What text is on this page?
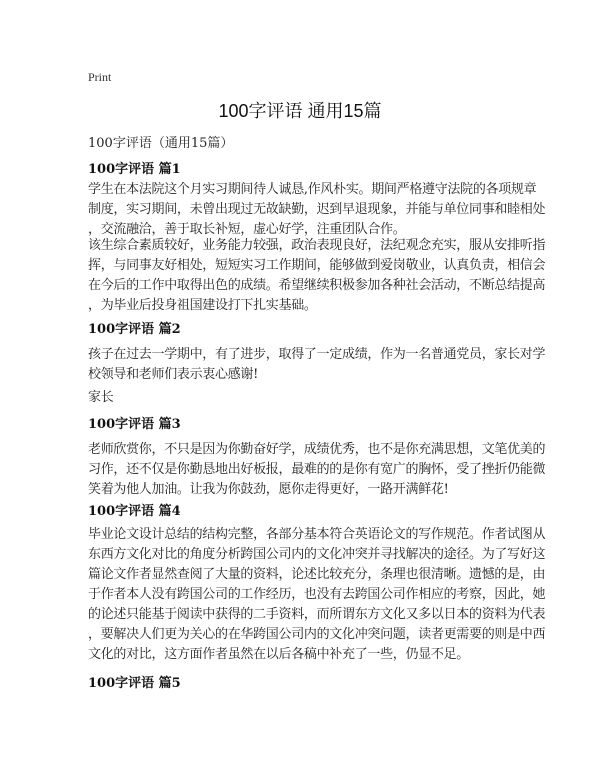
Print
100字评语 通用15篇
100字评语（通用15篇）
100字评语 篇1
学生在本法院这个月实习期间待人诚恳,作风朴实。期间严格遵守法院的各项规章
制度，实习期间，未曾出现过无故缺勤，迟到早退现象，并能与单位同事和睦相处
，交流融洽，善于取长补短，虚心好学，注重团队合作。
该生综合素质较好，业务能力较强，政治表现良好，法纪观念充实，服从安排听指
挥，与同事友好相处，短短实习工作期间，能够做到爱岗敬业，认真负责，相信会
在今后的工作中取得出色的成绩。希望继续积极参加各种社会活动，不断总结提高
，为毕业后投身祖国建设打下扎实基础。
100字评语 篇2
孩子在过去一学期中，有了进步，取得了一定成绩，作为一名普通党员，家长对学
校领导和老师们表示衷心感谢!
家长
100字评语 篇3
老师欣赏你，不只是因为你勤奋好学，成绩优秀，也不是你充满思想，文笔优美的
习作，还不仅是你勤恳地出好板报，最难的的是你有宽广的胸怀，受了挫折仍能微
笑着为他人加油。让我为你鼓劲，愿你走得更好，一路开满鲜花!
100字评语 篇4
毕业论文设计总结的结构完整，各部分基本符合英语论文的写作规范。作者试图从
东西方文化对比的角度分析跨国公司内的文化冲突并寻找解决的途径。为了写好这
篇论文作者显然查阅了大量的资料，论述比较充分，条理也很清晰。遗憾的是，由
于作者本人没有跨国公司的工作经历，也没有去跨国公司作相应的考察，因此，她
的论述只能基于阅读中获得的二手资料，而所谓东方文化又多以日本的资料为代表
，要解决人们更为关心的在华跨国公司内的文化冲突问题，读者更需要的则是中西
文化的对比，这方面作者虽然在以后各稿中补充了一些，仍显不足。
100字评语 篇5
